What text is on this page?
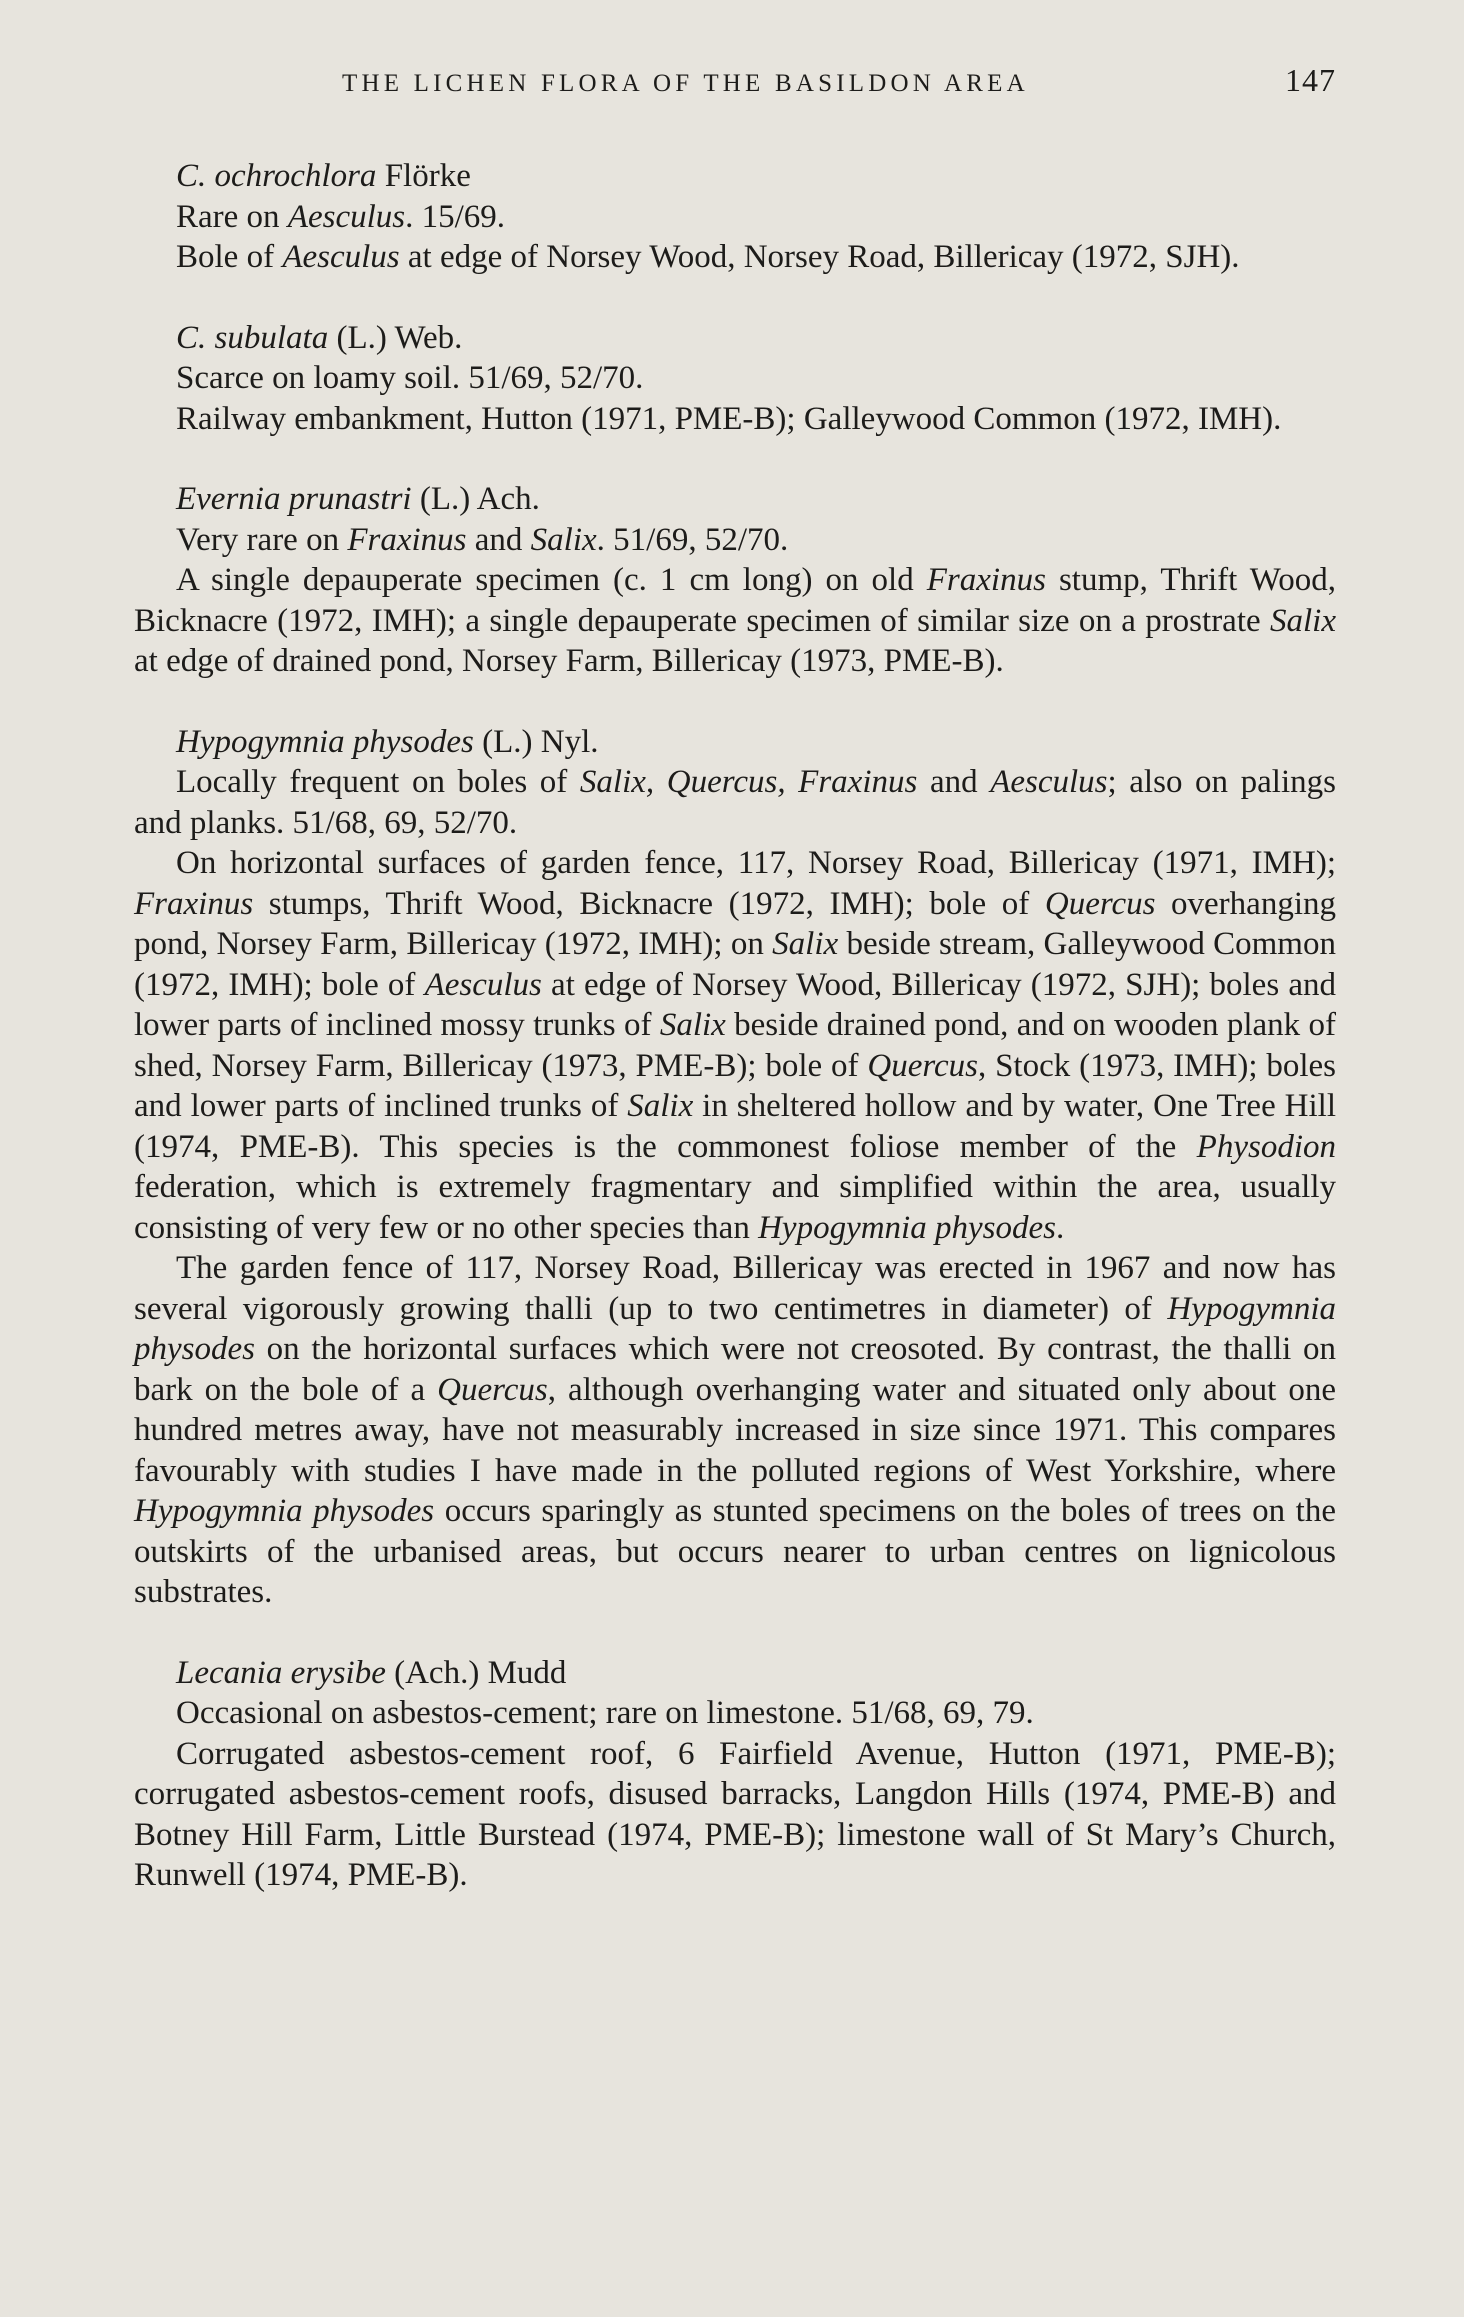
THE LICHEN FLORA OF THE BASILDON AREA	147

C. ochrochlora Flörke

Rare on Aesculus. 15/69.

Bole of Aesculus at edge of Norsey Wood, Norsey Road, Billericay (1972, SJH).

C. subulata (L.) Web.

Scarce on loamy soil. 51/69, 52/70.

Railway embankment, Hutton (1971, PME-B); Galleywood Common (1972, IMH).

Evernia prunastri (L.) Ach.

Very rare on Fraxinus and Salix. 51/69, 52/70.

A single depauperate specimen (c. 1 cm long) on old Fraxinus stump, Thrift Wood, Bicknacre (1972, IMH); a single depauperate specimen of similar size on a prostrate Salix at edge of drained pond, Norsey Farm, Billericay (1973, PME-B).

Hypogymnia physodes (L.) Nyl.

Locally frequent on boles of Salix, Quercus, Fraxinus and Aesculus; also on palings and planks. 51/68, 69, 52/70.

On horizontal surfaces of garden fence, 117, Norsey Road, Billericay (1971, IMH); Fraxinus stumps, Thrift Wood, Bicknacre (1972, IMH); bole of Quercus overhanging pond, Norsey Farm, Billericay (1972, IMH); on Salix beside stream, Galleywood Common (1972, IMH); bole of Aesculus at edge of Norsey Wood, Billericay (1972, SJH); boles and lower parts of inclined mossy trunks of Salix beside drained pond, and on wooden plank of shed, Norsey Farm, Billericay (1973, PME-B); bole of Quercus, Stock (1973, IMH); boles and lower parts of inclined trunks of Salix in sheltered hollow and by water, One Tree Hill (1974, PME-B). This species is the commonest foliose member of the Physodion federation, which is extremely fragmentary and simplified within the area, usually consisting of very few or no other species than Hypogymnia physodes.

The garden fence of 117, Norsey Road, Billericay was erected in 1967 and now has several vigorously growing thalli (up to two centimetres in diameter) of Hypogymnia physodes on the horizontal surfaces which were not creosoted. By contrast, the thalli on bark on the bole of a Quercus, although overhanging water and situated only about one hundred metres away, have not measurably increased in size since 1971. This compares favourably with studies I have made in the polluted regions of West Yorkshire, where Hypogymnia physodes occurs sparingly as stunted specimens on the boles of trees on the outskirts of the urbanised areas, but occurs nearer to urban centres on lignicolous substrates.

Lecania erysibe (Ach.) Mudd

Occasional on asbestos-cement; rare on limestone. 51/68, 69, 79.

Corrugated asbestos-cement roof, 6 Fairfield Avenue, Hutton (1971, PME-B); corrugated asbestos-cement roofs, disused barracks, Langdon Hills (1974, PME-B) and Botney Hill Farm, Little Burstead (1974, PME-B); limestone wall of St Mary’s Church, Runwell (1974, PME-B).
